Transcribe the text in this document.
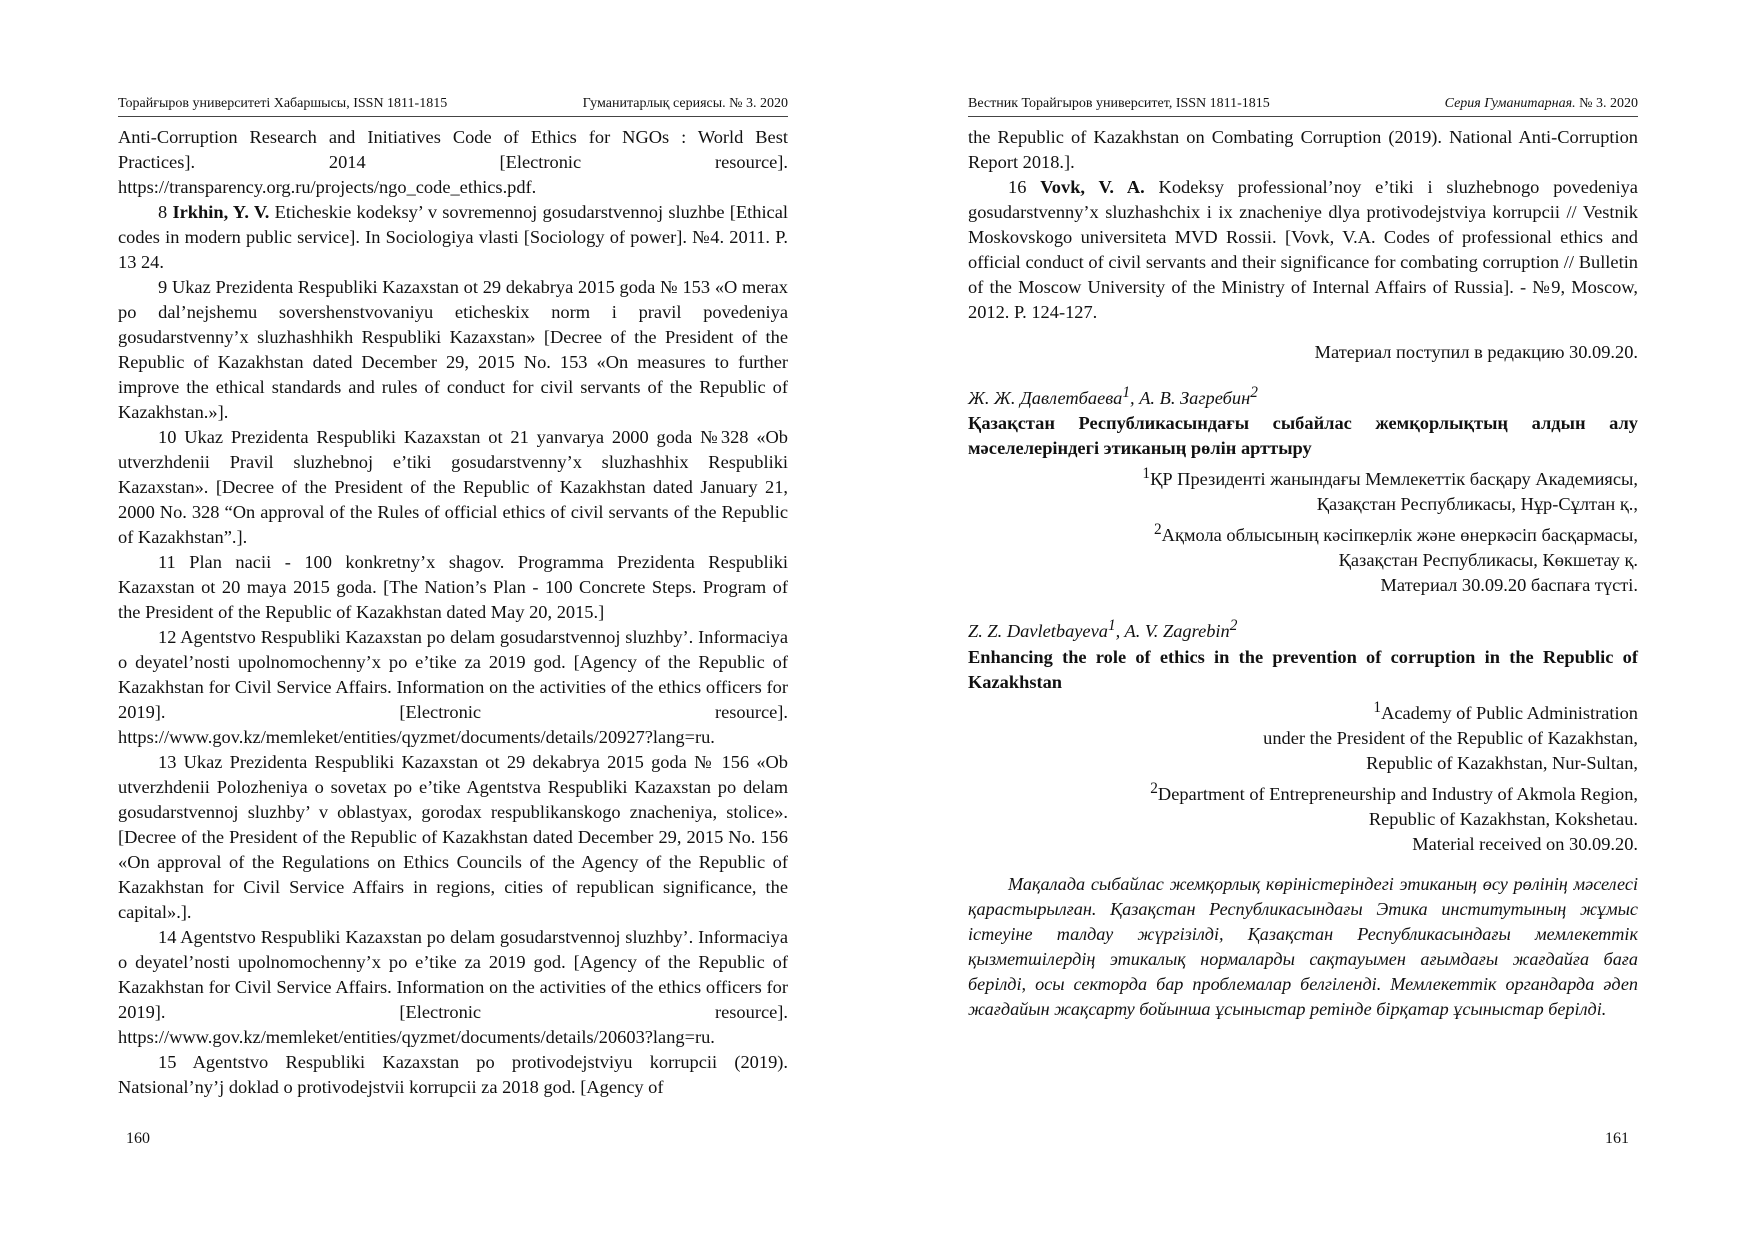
Торайғыров университеті Хабаршысы, ISSN 1811-1815	Гуманитарлық сериясы. № 3. 2020

Anti-Corruption Research and Initiatives Code of Ethics for NGOs : World Best Practices]. 2014 [Electronic resource]. https://transparency.org.ru/projects/ngo_code_ethics.pdf.

8 Irkhin, Y. V. Eticheskie kodeksy’ v sovremennoj gosudarstvennoj sluzhbe [Ethical codes in modern public service]. In Sociologiya vlasti [Sociology of power]. №4. 2011. P. 13 24.

9 Ukaz Prezidenta Respubliki Kazaxstan ot 29 dekabrya 2015 goda № 153 «O merax po dal’nejshemu sovershenstvovaniyu eticheskix norm i pravil povedeniya gosudarstvenny’x sluzhashhikh Respubliki Kazaxstan» [Decree of the President of the Republic of Kazakhstan dated December 29, 2015 No. 153 «On measures to further improve the ethical standards and rules of conduct for civil servants of the Republic of Kazakhstan.»].

10 Ukaz Prezidenta Respubliki Kazaxstan ot 21 yanvarya 2000 goda №328 «Ob utverzhdenii Pravil sluzhebnoj e’tiki gosudarstvenny’x sluzhashhix Respubliki Kazaxstan». [Decree of the President of the Republic of Kazakhstan dated January 21, 2000 No. 328 “On approval of the Rules of official ethics of civil servants of the Republic of Kazakhstan”.].

11 Plan nacii - 100 konkretny’x shagov. Programma Prezidenta Respubliki Kazaxstan ot 20 maya 2015 goda. [The Nation’s Plan - 100 Concrete Steps. Program of the President of the Republic of Kazakhstan dated May 20, 2015.]

12 Agentstvo Respubliki Kazaxstan po delam gosudarstvennoj sluzhby’. Informaciya o deyatel’nosti upolnomochenny’x po e’tike za 2019 god. [Agency of the Republic of Kazakhstan for Civil Service Affairs. Information on the activities of the ethics officers for 2019]. [Electronic resource]. https://www.gov.kz/memleket/entities/qyzmet/documents/details/20927?lang=ru.

13 Ukaz Prezidenta Respubliki Kazaxstan ot 29 dekabrya 2015 goda № 156 «Ob utverzhdenii Polozheniya o sovetax po e’tike Agentstva Respubliki Kazaxstan po delam gosudarstvennoj sluzhby’ v oblastyax, gorodax respublikanskogo znacheniya, stolice». [Decree of the President of the Republic of Kazakhstan dated December 29, 2015 No. 156 «On approval of the Regulations on Ethics Councils of the Agency of the Republic of Kazakhstan for Civil Service Affairs in regions, cities of republican significance, the capital».].

14 Agentstvo Respubliki Kazaxstan po delam gosudarstvennoj sluzhby’. Informaciya o deyatel’nosti upolnomochenny’x po e’tike za 2019 god. [Agency of the Republic of Kazakhstan for Civil Service Affairs. Information on the activities of the ethics officers for 2019]. [Electronic resource]. https://www.gov.kz/memleket/entities/qyzmet/documents/details/20603?lang=ru.

15 Agentstvo Respubliki Kazaxstan po protivodejstviyu korrupcii (2019). Natsional’ny’j doklad o protivodejstvii korrupcii za 2018 god. [Agency of

160
Вестник Торайгыров университет, ISSN 1811-1815	Серия Гуманитарная. № 3. 2020

the Republic of Kazakhstan on Combating Corruption (2019). National Anti-Corruption Report 2018.].

16 Vovk, V. A. Kodeksy professional’noy e’tiki i sluzhebnogo povedeniya gosudarstvenny’x sluzhashchix i ix znacheniye dlya protivodejstviya korrupcii // Vestnik Moskovskogo universiteta MVD Rossii. [Vovk, V.A. Codes of professional ethics and official conduct of civil servants and their significance for combating corruption // Bulletin of the Moscow University of the Ministry of Internal Affairs of Russia]. - №9, Moscow, 2012. P. 124-127.

Материал поступил в редакцию 30.09.20.

Ж. Ж. Давлетбаева$^1$, А. В. Загребин$^2$

Қазақстан Республикасындағы сыбайлас жемқорлықтың алдын алу мәселелеріндегі этиканың рөлін арттыру

$^1$ҚР Президенті жанындағы Мемлекеттік басқару Академиясы,

Қазақстан Республикасы, Нұр-Сұлтан қ.,

$^2$Ақмола облысының кәсіпкерлік және өнеркәсіп басқармасы,

Қазақстан Республикасы, Көкшетау қ.

Материал 30.09.20 баспаға түсті.

Z. Z. Davletbayeva$^1$, A. V. Zagrebin$^2$

Enhancing the role of ethics in the prevention of corruption in the Republic of Kazakhstan

$^1$Academy of Public Administration

under the President of the Republic of Kazakhstan,

Republic of Kazakhstan, Nur-Sultan,

$^2$Department of Entrepreneurship and Industry of Akmola Region,

Republic of Kazakhstan, Kokshetau.

Material received on 30.09.20.

Мақалада сыбайлас жемқорлық көріністеріндегі этиканың өсу рөлінің мәселесі қарастырылған. Қазақстан Республикасындағы Этика институтының жұмыс істеуіне талдау жүргізілді, Қазақстан Республикасындағы мемлекеттік қызметшілердің этикалық нормаларды сақтауымен ағымдағы жағдайға баға берілді, осы секторда бар проблемалар белгіленді. Мемлекеттік органдарда әдеп жағдайын жақсарту бойынша ұсыныстар ретінде бірқатар ұсыныстар берілді.

161
